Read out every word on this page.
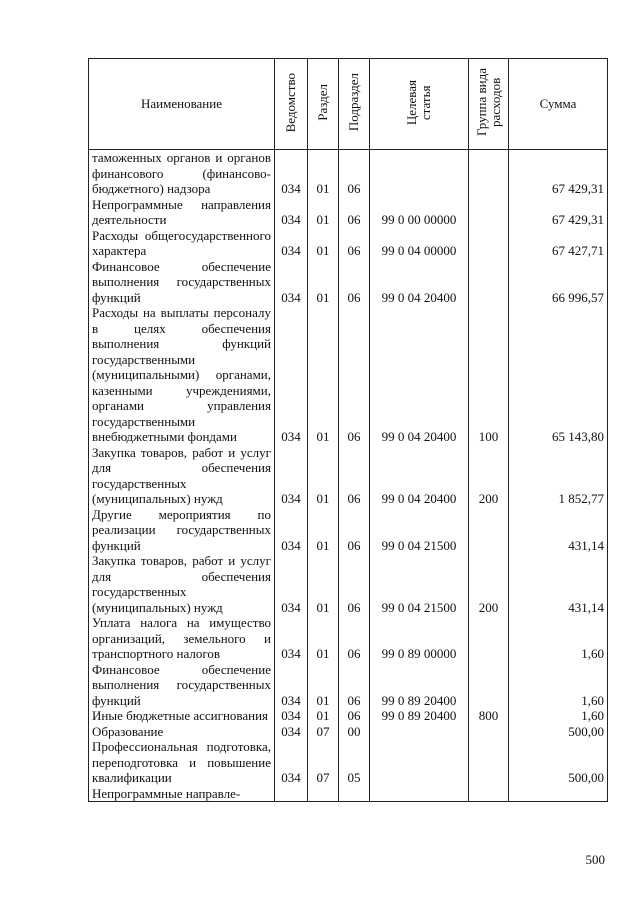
Наименование	Ведомство	Раздел	Подраздел	Целевая
статья	Группа вида
расходов	Сумма
таможенных органов и органов финансового (финансово-бюджетного) надзора	034	01	06			67 429,31
Непрограммные направления деятельности	034	01	06	99 0 00 00000		67 429,31
Расходы общегосударственного характера	034	01	06	99 0 04 00000		67 427,71
Финансовое обеспечение выполнения государственных функций	034	01	06	99 0 04 20400		66 996,57
Расходы на выплаты персоналу в целях обеспечения выполнения функций государственными (муниципальными) органами, казенными учреждениями, органами управления государственными внебюджетными фондами	034	01	06	99 0 04 20400	100	65 143,80
Закупка товаров, работ и услуг для обеспечения государственных (муниципальных) нужд	034	01	06	99 0 04 20400	200	1 852,77
Другие мероприятия по реализации государственных функций	034	01	06	99 0 04 21500		431,14
Закупка товаров, работ и услуг для обеспечения государственных (муниципальных) нужд	034	01	06	99 0 04 21500	200	431,14
Уплата налога на имущество организаций, земельного и транспортного налогов	034	01	06	99 0 89 00000		1,60
Финансовое обеспечение выполнения государственных функций	034	01	06	99 0 89 20400		1,60
Иные бюджетные ассигнования	034	01	06	99 0 89 20400	800	1,60
Образование	034	07	00			500,00
Профессиональная подготовка, переподготовка и повышение квалификации	034	07	05			500,00
Непрограммные направле-						
500
